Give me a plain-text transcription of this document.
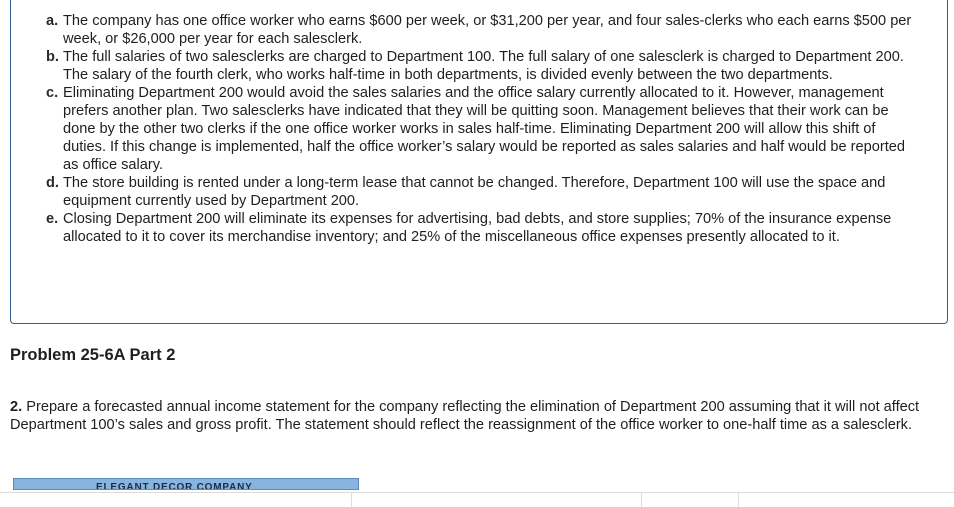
a. The company has one office worker who earns $600 per week, or $31,200 per year, and four sales-clerks who each earns $500 per week, or $26,000 per year for each salesclerk.
b. The full salaries of two salesclerks are charged to Department 100. The full salary of one salesclerk is charged to Department 200. The salary of the fourth clerk, who works half-time in both departments, is divided evenly between the two departments.
c. Eliminating Department 200 would avoid the sales salaries and the office salary currently allocated to it. However, management prefers another plan. Two salesclerks have indicated that they will be quitting soon. Management believes that their work can be done by the other two clerks if the one office worker works in sales half-time. Eliminating Department 200 will allow this shift of duties. If this change is implemented, half the office worker’s salary would be reported as sales salaries and half would be reported as office salary.
d. The store building is rented under a long-term lease that cannot be changed. Therefore, Department 100 will use the space and equipment currently used by Department 200.
e. Closing Department 200 will eliminate its expenses for advertising, bad debts, and store supplies; 70% of the insurance expense allocated to it to cover its merchandise inventory; and 25% of the miscellaneous office expenses presently allocated to it.
Problem 25-6A Part 2

2. Prepare a forecasted annual income statement for the company reflecting the elimination of Department 200 assuming that it will not affect Department 100’s sales and gross profit. The statement should reflect the reassignment of the office worker to one-half time as a salesclerk.

ELEGANT DECOR COMPANY
